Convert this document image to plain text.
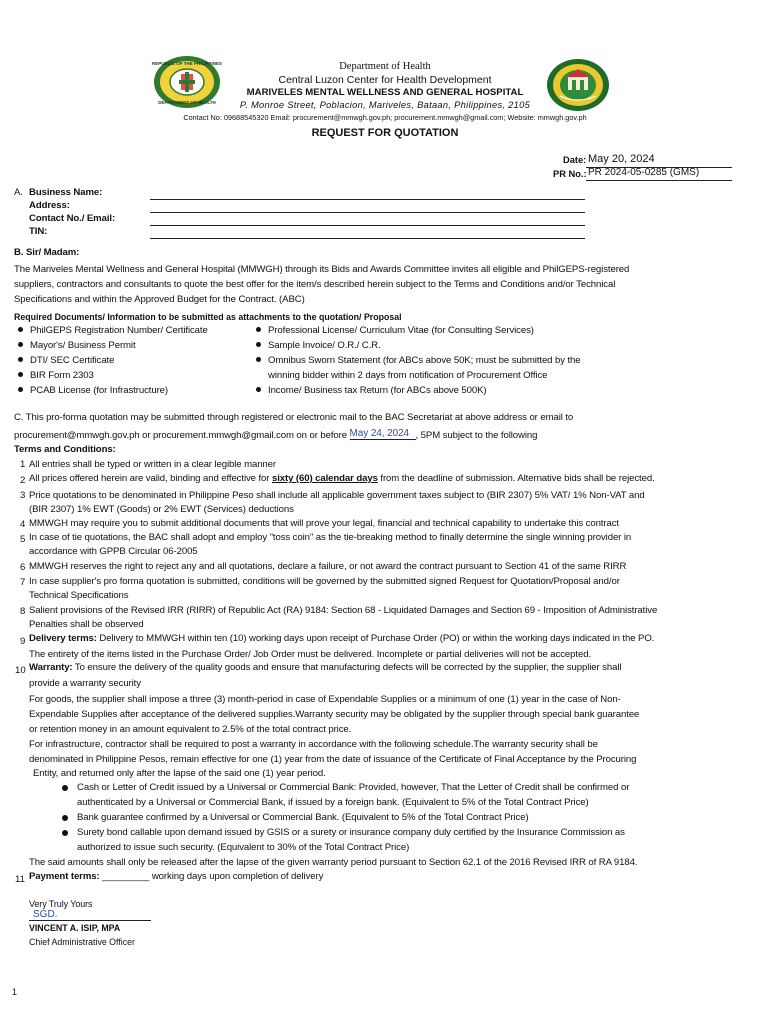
REPUBLIC OF THE PHILIPPINES
DEPARTMENT OF HEALTH
Department of Health
Central Luzon Center for Health Development
MARIVELES MENTAL WELLNESS AND GENERAL HOSPITAL
P. Monroe Street, Poblacion, Mariveles, Bataan, Philippines, 2105
Contact No: 09688545320 Email: procurement@mmwgh.gov.ph; procurement.mmwgh@gmail.com; Website: mmwgh.gov.ph
REQUEST FOR QUOTATION
Date: May 20, 2024
PR No.: PR 2024-05-0285 (GMS)
A. Business Name:
Address:
Contact No./ Email:
TIN:
B. Sir/ Madam:
The Mariveles Mental Wellness and General Hospital (MMWGH) through its Bids and Awards Committee invites all eligible and PhilGEPS-registered
suppliers, contractors and consultants to quote the best offer for the item/s described herein subject to the Terms and Conditions and/or Technical
Specifications and within the Approved Budget for the Contract. (ABC)
Required Documents/ Information to be submitted as attachments to the quotation/ Proposal
PhilGEPS Registration Number/ Certificate
Mayor's/ Business Permit
DTI/ SEC Certificate
BIR Form 2303
PCAB License (for Infrastructure)
Professional License/ Curriculum Vitae (for Consulting Services)
Sample Invoice/ O.R./ C.R.
Omnibus Sworn Statement (for ABCs above 50K; must be submitted by the
winning bidder within 2 days from notification of Procurement Office
Income/ Business tax Return (for ABCs above 500K)
C. This pro-forma quotation may be submitted through registered or electronic mail to the BAC Secretariat at above address or email to
procurement@mmwgh.gov.ph or procurement.mmwgh@gmail.com on or before May 24, 2024 , 5PM subject to the following
Terms and Conditions:
1 All entries shall be typed or written in a clear legible manner
2 All prices offered herein are valid, binding and effective for sixty (60) calendar days from the deadline of submission. Alternative bids shall be rejected.
3 Price quotations to be denominated in Philippine Peso shall include all applicable government taxes subject to (BIR 2307) 5% VAT/ 1% Non-VAT and
(BIR 2307) 1% EWT (Goods) or 2% EWT (Services) deductions
4 MMWGH may require you to submit additional documents that will prove your legal, financial and technical capability to undertake this contract
5 In case of tie quotations, the BAC shall adopt and employ "toss coin" as the tie-breaking method to finally determine the single winning provider in
accordance with GPPB Circular 06-2005
6 MMWGH reserves the right to reject any and all quotations, declare a failure, or not award the contract pursuant to Section 41 of the same RIRR
7 In case supplier's pro forma quotation is submitted, conditions will be governed by the submitted signed Request for Quotation/Proposal and/or
Technical Specifications
8 Salient provisions of the Revised IRR (RIRR) of Republic Act (RA) 9184: Section 68 - Liquidated Damages and Section 69 - Imposition of Administrative
Penalties shall be observed
9 Delivery terms: Delivery to MMWGH within ten (10) working days upon receipt of Purchase Order (PO) or within the working days indicated in the PO.
The entirety of the items listed in the Purchase Order/ Job Order must be delivered. Incomplete or partial deliveries will not be accepted.
10 Warranty: To ensure the delivery of the quality goods and ensure that manufacturing defects will be corrected by the supplier, the supplier shall
provide a warranty security
For goods, the supplier shall impose a three (3) month-period in case of Expendable Supplies or a minimum of one (1) year in the case of Non-
Expendable Supplies after acceptance of the delivered supplies.Warranty security may be obligated by the supplier through special bank guarantee
or retention money in an amount equivalent to 2.5% of the total contract price.
For infrastructure, contractor shall be required to post a warranty in accordance with the following schedule.The warranty security shall be
denominated in Philippine Pesos, remain effective for one (1) year from the date of issuance of the Certificate of Final Acceptance by the Procuring
Entity, and returned only after the lapse of the said one (1) year period.
Cash or Letter of Credit issued by a Universal or Commercial Bank: Provided, however, That the Letter of Credit shall be confirmed or
authenticated by a Universal or Commercial Bank, if issued by a foreign bank. (Equivalent to 5% of the Total Contract Price)
Bank guarantee confirmed by a Universal or Commercial Bank. (Equivalent to 5% of the Total Contract Price)
Surety bond callable upon demand issued by GSIS or a surety or insurance company duly certified by the Insurance Commission as
authorized to issue such security. (Equivalent to 30% of the Total Contract Price)
The said amounts shall only be released after the lapse of the given warranty period pursuant to Section 62.1 of the 2016 Revised IRR of RA 9184.
11 Payment terms: _________ working days upon completion of delivery
Very Truly Yours
SGD.
VINCENT A. ISIP, MPA
Chief Administrative Officer
1
